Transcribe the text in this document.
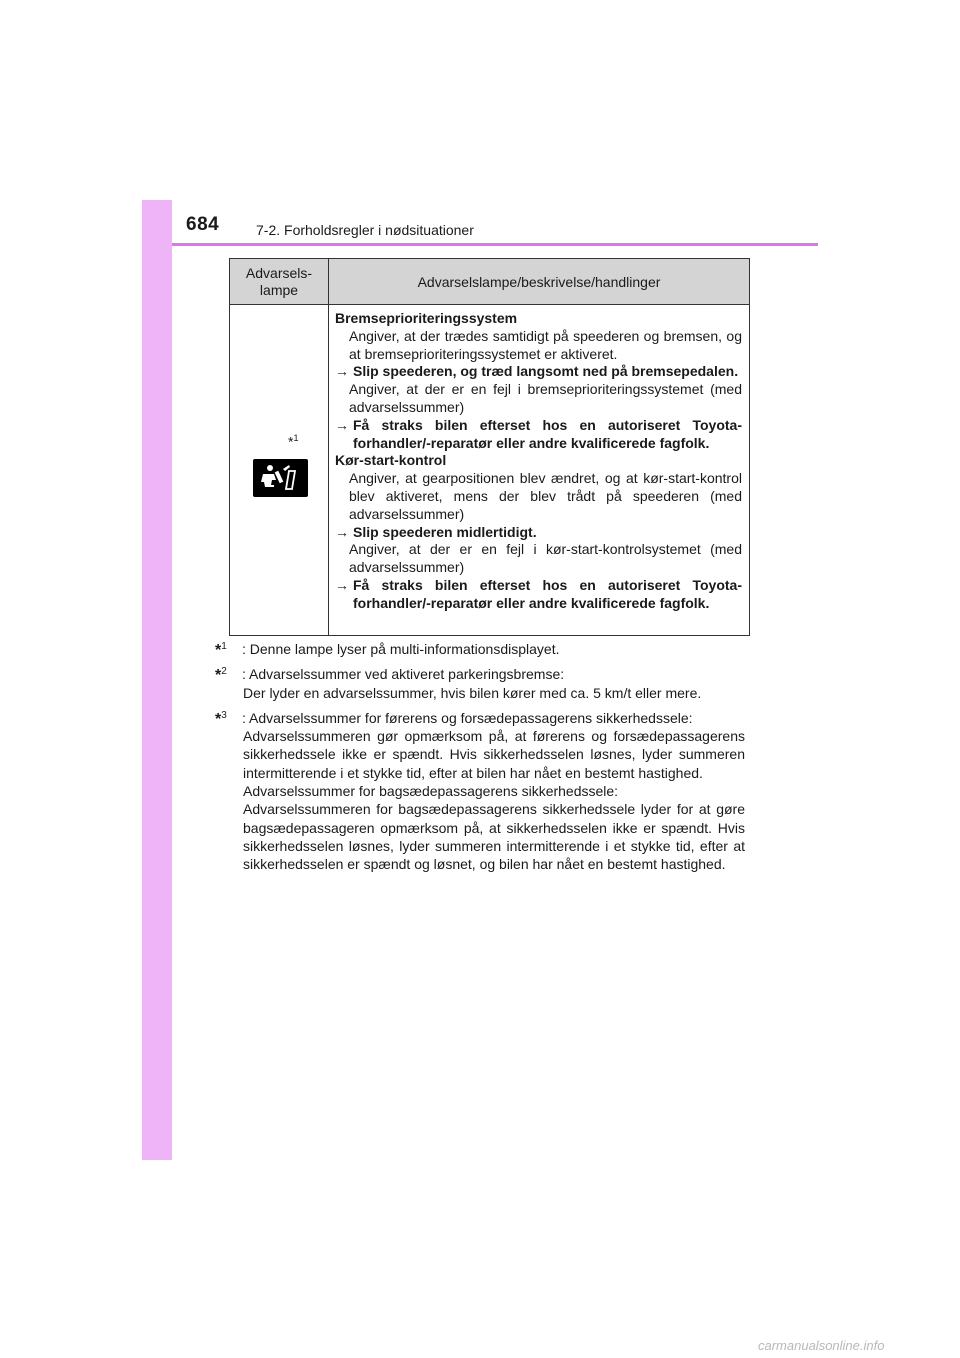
684	7-2. Forholdsregler i nødsituationer
Advarsels-lampe	Advarselslampe/beskrivelse/handlinger
*$^1$
Bremseprioriteringssystem
Angiver, at der trædes samtidigt på speederen og bremsen, og at bremseprioriteringssystemet er aktiveret.
→ Slip speederen, og træd langsomt ned på bremsepedalen.
Angiver, at der er en fejl i bremseprioriteringssystemet (med advarselssummer)
→ Få straks bilen efterset hos en autoriseret Toyota-forhandler/-reparatør eller andre kvalificerede fagfolk.
Kør-start-kontrol
Angiver, at gearpositionen blev ændret, og at kør-start-kontrol blev aktiveret, mens der blev trådt på speederen (med advarselssummer)
→ Slip speederen midlertidigt.
Angiver, at der er en fejl i kør-start-kontrolsystemet (med advarselssummer)
→ Få straks bilen efterset hos en autoriseret Toyota-forhandler/-reparatør eller andre kvalificerede fagfolk.
*$^1$ : Denne lampe lyser på multi-informationsdisplayet.

*$^2$ : Advarselssummer ved aktiveret parkeringsbremse:

Der lyder en advarselssummer, hvis bilen kører med ca. 5 km/t eller mere.

*$^3$ : Advarselssummer for førerens og forsædepassagerens sikkerhedssele:

Advarselssummeren gør opmærksom på, at førerens og forsædepassagerens sikkerhedssele ikke er spændt. Hvis sikkerhedsselen løsnes, lyder summeren intermitterende i et stykke tid, efter at bilen har nået en bestemt hastighed.

Advarselssummer for bagsædepassagerens sikkerhedssele:

Advarselssummeren for bagsædepassagerens sikkerhedssele lyder for at gøre bagsædepassageren opmærksom på, at sikkerhedsselen ikke er spændt. Hvis sikkerhedsselen løsnes, lyder summeren intermitterende i et stykke tid, efter at sikkerhedsselen er spændt og løsnet, og bilen har nået en bestemt hastighed.

carmanualsonline.info
